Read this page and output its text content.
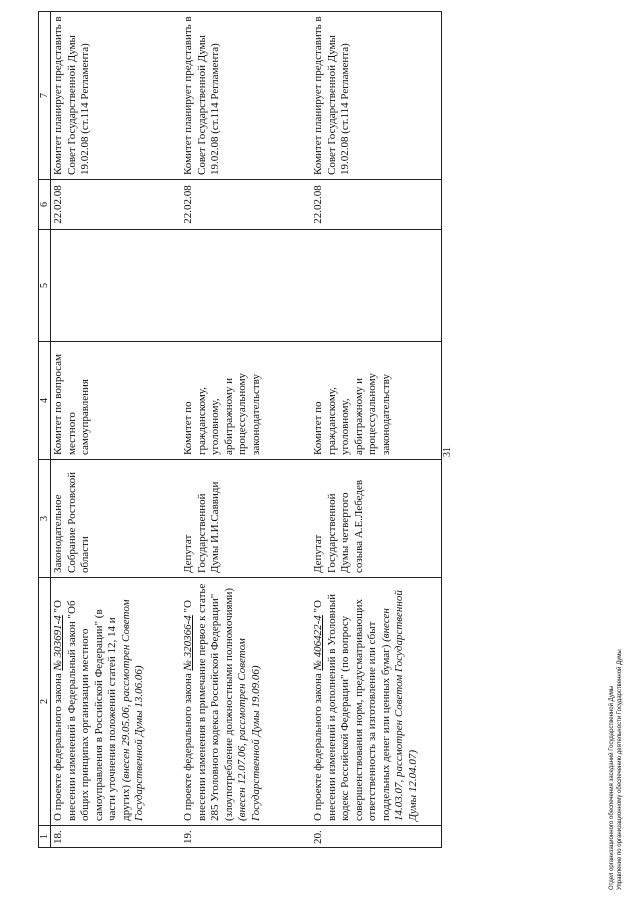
31
1	2	3	4	5	6	7
18.	О проекте федерального закона № 303691-4 "О внесении изменений в Федеральный закон "Об общих принципах организации местного самоуправления в Российской Федерации" (в части уточнения положений статей 12, 14 и других) (внесен 29.05.06, рассмотрен Советом Государственной Думы 13.06.06)	Законодательное Собрание Ростовской области	Комитет по вопросам местного самоуправления		22.02.08	Комитет планирует представить в Совет Государственной Думы 19.02.08 (ст.114 Регламента)
19.	О проекте федерального закона № 320366-4 "О внесении изменения в примечание первое к статье 285 Уголовного кодекса Российской Федерации" (злоупотребление должностными полномочиями) (внесен 12.07.06, рассмотрен Советом Государственной Думы 19.09.06)	Депутат Государственной Думы И.И.Саввиди	Комитет по гражданскому, уголовному, арбитражному и процессуальному законодательству		22.02.08	Комитет планирует представить в Совет Государственной Думы 19.02.08 (ст.114 Регламента)
20.	О проекте федерального закона № 406422-4 "О внесении изменений и дополнений в Уголовный кодекс Российской Федерации" (по вопросу совершенствования норм, предусматривающих ответственность за изготовление или сбыт поддельных денег или ценных бумаг) (внесен 14.03.07, рассмотрен Советом Государственной Думы 12.04.07)	Депутат Государственной Думы четвертого созыва А.Е.Лебедев	Комитет по гражданскому, уголовному, арбитражному и процессуальному законодательству		22.02.08	Комитет планирует представить в Совет Государственной Думы 19.02.08 (ст.114 Регламента)
Отдел организационного обеспечения заседаний Государственной Думы Управление по организационному обеспечению деятельности Государственной Думы
